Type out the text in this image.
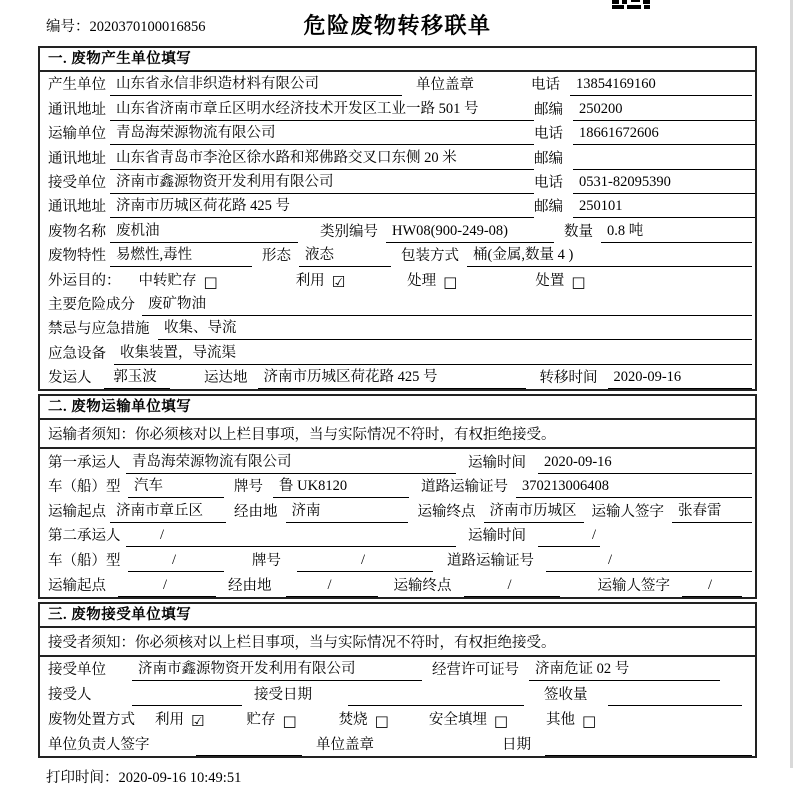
编号：2020370100016856	危险废物转移联单
一. 废物产生单位填写
产生单位 山东省永信非织造材料有限公司	单位盖章	电话	13854169160
通讯地址 山东省济南市章丘区明水经济技术开发区工业一路 501 号	邮编	250200
运输单位 青岛海荣源物流有限公司	电话	18661672606
通讯地址 山东省青岛市李沧区徐水路和郑佛路交叉口东侧 20 米	邮编
接受单位 济南市鑫源物资开发利用有限公司	电话	0531-82095390
通讯地址 济南市历城区荷花路 425 号	邮编	250101
废物名称 废机油	类别编号 HW08(900-249-08)	数量 0.8 吨
废物特性 易燃性,毒性	形态 液态	包装方式 桶(金属,数量 4 )
外运目的： 中转贮存 □	利用 ☑	处理 □	处置 □
主要危险成分 废矿物油
禁忌与应急措施	收集、导流
应急设备 收集装置，导流渠
发运人	郭玉波	运达地	济南市历城区荷花路 425 号	转移时间	2020-09-16
二. 废物运输单位填写
运输者须知：你必须核对以上栏目事项，当与实际情况不符时，有权拒绝接受。
第一承运人 青岛海荣源物流有限公司	运输时间	2020-09-16
车（船）型 汽车	牌号	鲁 UK8120	道路运输证号 370213006408
运输起点 济南市章丘区	经由地 济南	运输终点 济南市历城区	运输人签字 张春雷
第二承运人	/	运输时间	/
车（船）型	/	牌号	/	道路运输证号	/
运输起点	/	经由地	/	运输终点	/	运输人签字	/
三. 废物接受单位填写
接受者须知：你必须核对以上栏目事项，当与实际情况不符时，有权拒绝接受。
接受单位	济南市鑫源物资开发利用有限公司	经营许可证号	济南危证 02 号
接受人	接受日期	签收量
废物处置方式 利用 ☑	贮存 □	焚烧 □	安全填埋 □	其他 □
单位负责人签字	单位盖章	日期
打印时间：2020-09-16 10:49:51
